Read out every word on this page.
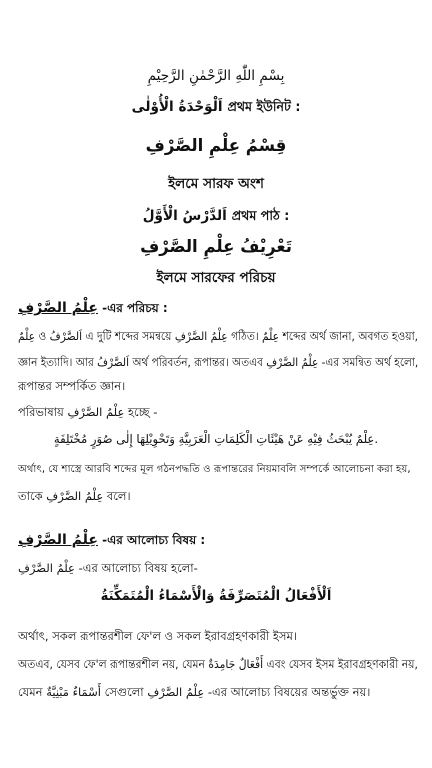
بِسْمِ اللّٰهِ الرَّحْمٰنِ الرَّحِيْمِ
اَلْوَحْدَةُ الْأُوْلٰى প্রথম ইউনিট :
قِسْمُ عِلْمِ الصَّرْفِ
ইলমে সারফ অংশ
اَلدَّرْسُ الْأَوَّلُ প্রথম পাঠ :
تَعْرِيْفُ عِلْمِ الصَّرْفِ
ইলমে সারফের পরিচয়
عِلْمُ الصَّرْفِ -এর পরিচয় :
عِلْمٌ ও اَلصَّرْفُ এ দুটি শব্দের সমন্বয়ে عِلْمُ الصَّرْفِ গঠিত। عِلْمٌ শব্দের অর্থ জানা, অবগত হওয়া,
জ্ঞান ইত্যাদি। আর اَلصَّرْفُ অর্থ পরিবর্তন, রূপান্তর। অতএব عِلْمُ الصَّرْفِ -এর সমন্বিত অর্থ হলো,
রূপান্তর সম্পর্কিত জ্ঞান।
পরিভাষায় عِلْمُ الصَّرْفِ হচ্ছে -
عِلْمٌ يُبْحَثُ فِيْهِ عَنْ هَيْئَاتِ الْكَلِمَاتِ الْعَرَبِيَّةِ وَتَحْوِيْلِهَا إِلٰى صُوَرٍ مُخْتَلِفَةٍ.
অর্থাৎ, যে শাস্ত্রে আরবি শব্দের মূল গঠনপদ্ধতি ও রূপান্তরের নিয়মাবলি সম্পর্কে আলোচনা করা হয়,
তাকে عِلْمُ الصَّرْفِ বলে।
عِلْمُ الصَّرْفِ -এর আলোচ্য বিষয় :
عِلْمُ الصَّرْفِ -এর আলোচ্য বিষয় হলো-
اَلْأَفْعَالُ الْمُتَصَرِّفَةُ وَالْأَسْمَاءُ الْمُتَمَكِّنَةُ
অর্থাৎ, সকল রূপান্তরশীল ফে'ল ও সকল ইরাবগ্রহণকারী ইসম।
অতএব, যেসব ফে'ল রূপান্তরশীল নয়, যেমন أَفْعَالٌ جَامِدَةٌ এবং যেসব ইসম ইরাবগ্রহণকারী নয়,
যেমন أَسْمَاءٌ مَبْنِيَّةٌ সেগুলো عِلْمُ الصَّرْفِ -এর আলোচ্য বিষয়ের অন্তর্ভুক্ত নয়।
